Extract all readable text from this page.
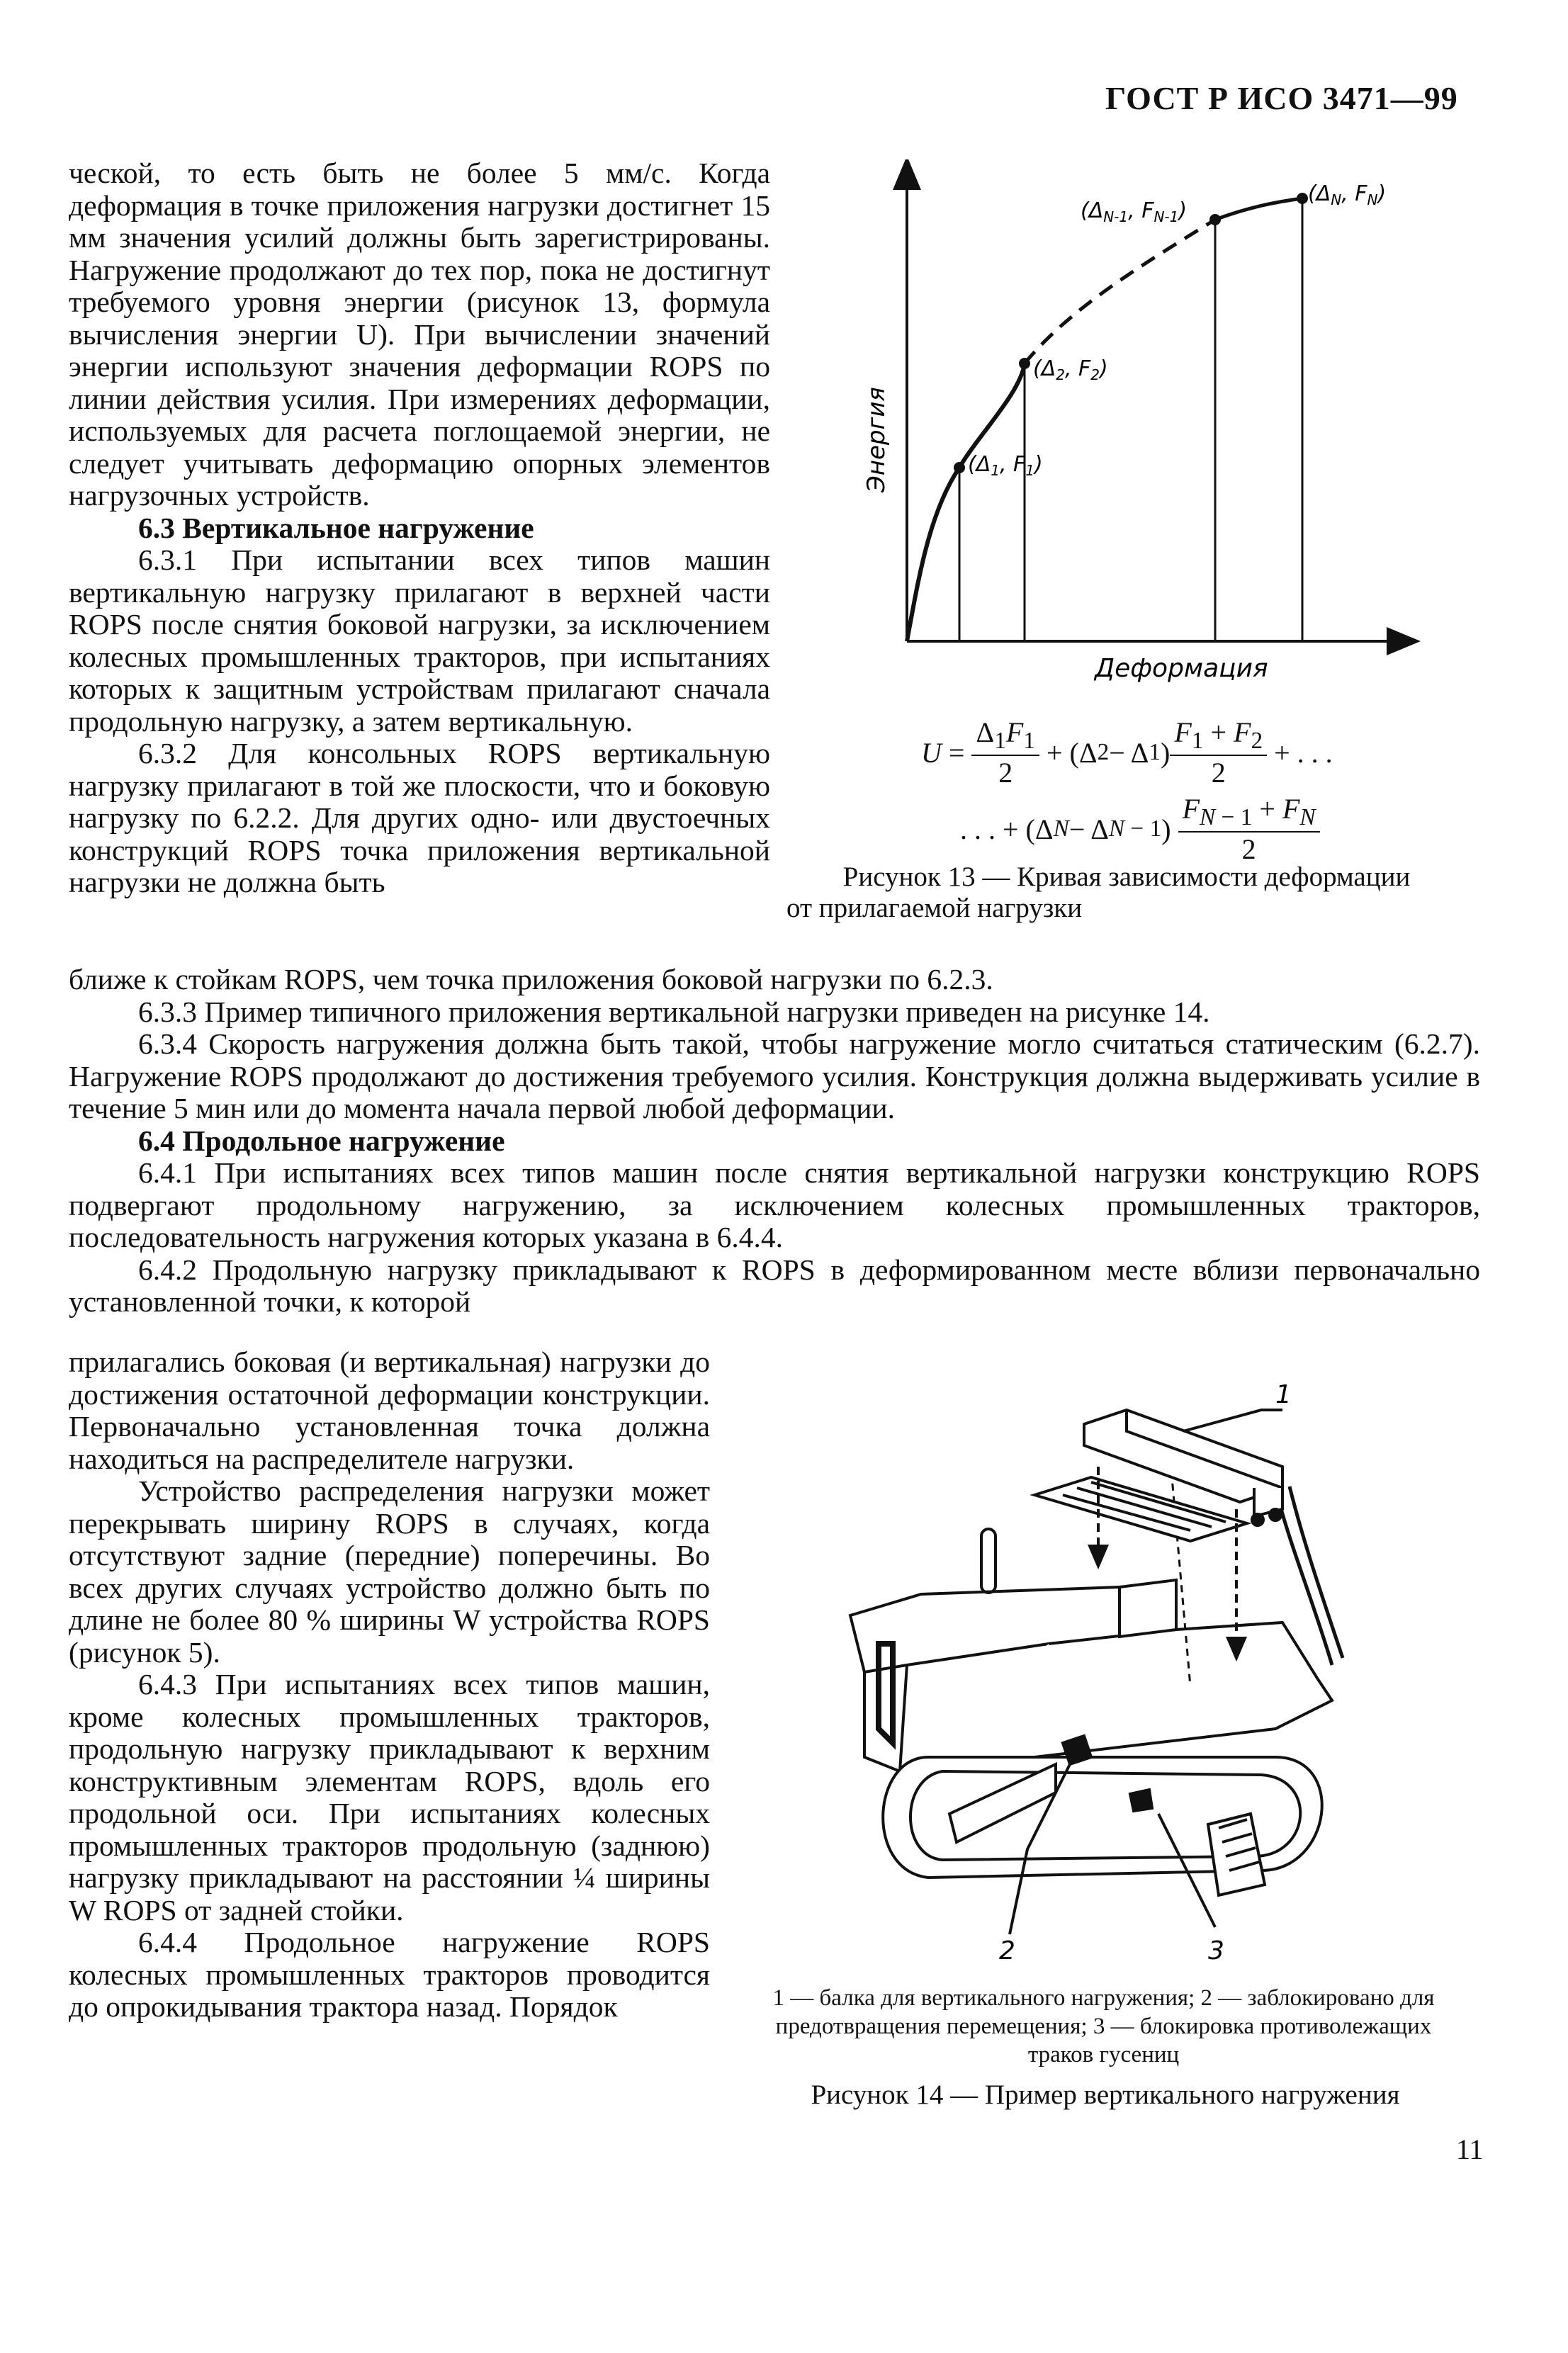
ГОСТ Р ИСО 3471—99

ческой, то есть быть не более 5 мм/с. Когда деформация в точке приложения нагрузки достигнет 15 мм значения усилий должны быть зарегистрированы. Нагружение продолжают до тех пор, пока не достигнут требуемого уровня энергии (рисунок 13, формула вычисления энергии U). При вычислении значений энергии используют значения деформации ROPS по линии действия усилия. При измерениях деформации, используемых для расчета поглощаемой энергии, не следует учитывать деформацию опорных элементов нагрузочных устройств.

6.3 Вертикальное нагружение

6.3.1 При испытании всех типов машин вертикальную нагрузку прилагают в верхней части ROPS после снятия боковой нагрузки, за исключением колесных промышленных тракторов, при испытаниях которых к защитным устройствам прилагают сначала продольную нагрузку, а затем вертикальную.

6.3.2 Для консольных ROPS вертикальную нагрузку прилагают в той же плоскости, что и боковую нагрузку по 6.2.2. Для других одно- или двустоечных конструкций ROPS точка приложения вертикальной нагрузки не должна быть

ближе к стойкам ROPS, чем точка приложения боковой нагрузки по 6.2.3.

6.3.3 Пример типичного приложения вертикальной нагрузки приведен на рисунке 14.

6.3.4 Скорость нагружения должна быть такой, чтобы нагружение могло считаться статическим (6.2.7). Нагружение ROPS продолжают до достижения требуемого усилия. Конструкция должна выдерживать усилие в течение 5 мин или до момента начала первой любой деформации.

6.4 Продольное нагружение

6.4.1 При испытаниях всех типов машин после снятия вертикальной нагрузки конструкцию ROPS подвергают продольному нагружению, за исключением колесных промышленных тракторов, последовательность нагружения которых указана в 6.4.4.

6.4.2 Продольную нагрузку прикладывают к ROPS в деформированном месте вблизи первоначально установленной точки, к которой

прилагались боковая (и вертикальная) нагрузки до достижения остаточной деформации конструкции. Первоначально установленная точка должна находиться на распределителе нагрузки.

Устройство распределения нагрузки может перекрывать ширину ROPS в случаях, когда отсутствуют задние (передние) поперечины. Во всех других случаях устройство должно быть по длине не более 80 % ширины W устройства ROPS (рисунок 5).

6.4.3 При испытаниях всех типов машин, кроме колесных промышленных тракторов, продольную нагрузку прикладывают к верхним конструктивным элементам ROPS, вдоль его продольной оси. При испытаниях колесных промышленных тракторов продольную (заднюю) нагрузку прикладывают на расстоянии ¼ ширины W ROPS от задней стойки.

6.4.4 Продольное нагружение ROPS колесных промышленных тракторов проводится до опрокидывания трактора назад. Порядок

($\Delta_1$, $F_1$)
($\Delta_2$, $F_2$)
($\Delta_{N-1}$, $F_{N-1}$)
($\Delta_N$, $F_N$)
Энергия
Деформация
U =
$\Delta_1F_1$
2
+ (Δ 2 − Δ 1 )
$F_1 + F_2$
2
+ . . .
. . . + (Δ N − Δ N − 1 )
$F_{N - 1} + F_N$
2
Рисунок 13 — Кривая зависимости деформации
от прилагаемой нагрузки
1
2	3
1 — балка для вертикального нагружения; 2 — заблокировано для предотвращения перемещения; 3 — блокировка противолежащих траков гусениц
Рисунок 14 — Пример вертикального нагружения
11
